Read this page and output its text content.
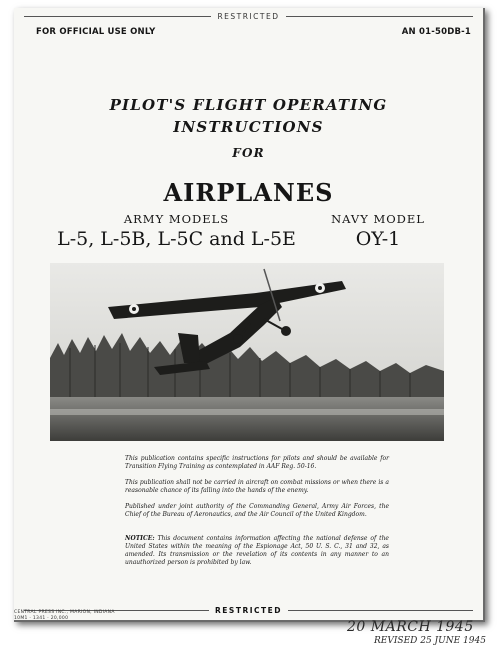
RESTRICTED
FOR OFFICIAL USE ONLY	AN 01-50DB-1
PILOT'S FLIGHT OPERATING
INSTRUCTIONS
FOR
AIRPLANES
ARMY MODELS
L-5, L-5B, L-5C and L-5E
NAVY MODEL
OY-1
This publication contains specific instructions for pilots and should be available for Transition Flying Training as contemplated in AAF Reg. 50-16.
This publication shall not be carried in aircraft on combat missions or when there is a reasonable chance of its falling into the hands of the enemy.
Published under joint authority of the Commanding General, Army Air Forces, the Chief of the Bureau of Aeronautics, and the Air Council of the United Kingdom.
NOTICE: This document contains information affecting the national defense of the United States within the meaning of the Espionage Act, 50 U. S. C., 31 and 32, as amended. Its transmission or the revelation of its contents in any manner to an unauthorized person is prohibited by law.
RESTRICTED
CENTRAL PRESS INC., MARION, INDIANA
10M1 · 1341 · 20,000
20 MARCH 1945
REVISED 25 JUNE 1945
